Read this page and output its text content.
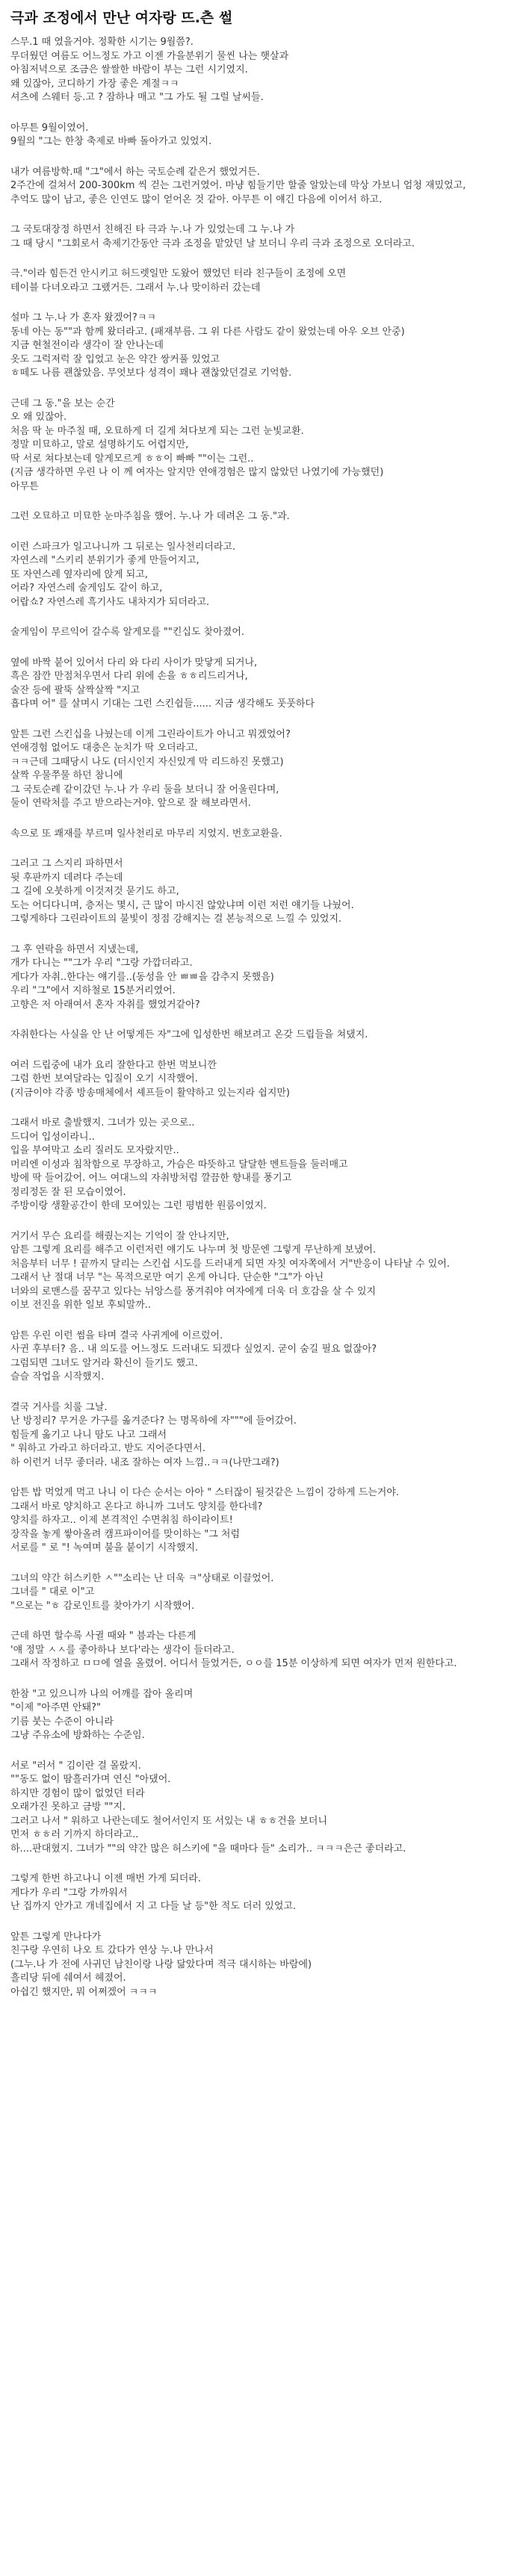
극과 조정에서 만난 여자랑 뜨.츤 썰
스무.1 때 였을거야. 정확한 시기는 9월쯤?.
무더웠던 여름도 어느정도 가고 이젠 가을분위기 물씬 나는 햇살과
아침저녁으로 조금은 쌀쌀한 바람이 부는 그런 시기였지.
왜 있잖아, 코디하기 가장 좋은 계절ㅋㅋ
셔츠에 스웨터 등.고 ? 잠하나 매고 "그 가도 될 그럴 날씨들.
아무튼 9월이였어.
9월의 "그는 한창 축제로 바빠 돌아가고 있었지.
내가 여름방학.때 "그"에서 하는 국토순례 같은거 했었거든.
2주간에 걸쳐서 200-300km 씩 걷는 그런거였어. 마냥 힘들기만 할줄 알았는데 막상 가보니 엄청 재밌었고,
추억도 많이 남고, 좋은 인연도 많이 얻어온 것 같아. 아무튼 이 얘긴 다음에 이어서 하고.
그 국토대장정 하면서 친해진 타 극과 누.나 가 있었는데 그 누.나 가
그 때 당시 "그회로서 축제기간동안 극과 조정을 맡았던 날 보더니 우리 극과 조정으로 오더라고.
극."이라 힘든건 안시키고 허드렛일만 도왔어 했었던 터라 친구들이 조정에 오면
테이블 다녀오라고 그랬거든. 그래서 누.나 맞이하러 갔는데
설마 그 누.나 가 혼자 왔겠어?ㅋㅋ
동네 아는 동""과 함께 왔더라고. (패재부름. 그 위 다른 사람도 같이 왔었는데 아우 오브 안중)
지금 현철전이라 생각이 잘 안나는데
옷도 그럭저럭 잘 입었고 눈은 약간 쌍커풀 있었고
ㅎ떼도 나름 괜찮았음. 무엇보다 성격이 꽤나 괜찮았던걸로 기억함.
근데 그 동."을 보는 순간
오 왜 있잖아.
처음 딱 눈 마주칠 때, 오묘하게 더 길게 쳐다보게 되는 그런 눈빛교환.
정말 미묘하고, 말로 설명하기도 어렵지만,
딱 서로 쳐다보는데 알게모르게 ㅎㅎ이 빠빠 ""이는 그런..
(지금 생각하면 우린 나 이 께 여자는 알지만 연애경험은 많지 않았던 나였기에 가능했던)
아무튼
그런 오묘하고 미묘한 눈마주침을 했어. 누.나 가 데려온 그 동."과.
이런 스파크가 일고나니까 그 뒤로는 일사천리더라고.
자연스레 "스키리 분위기가 좋게 만들어지고,
또 자연스레 옆자리에 앉게 되고,
어라? 자연스레 술게임도 같이 하고,
어랍쇼? 자연스레 흑기사도 내차지가 되더라고.
술게임이 무르익어 갈수록 알게모를 ""킨십도 찾아졌어.
옆에 바짝 붙어 있어서 다리 와 다리 사이가 맞닿게 되거나,
흑은 잠깐 만점처우면서 다리 위에 손을 ㅎㅎ리드리거나,
술잔 등에 팔뚝 살짝살짝 "지고
흡다며 어" 를 살며시 기대는 그런 스킨쉽들...... 지금 생각해도 풋풋하다
앞튼 그런 스킨십을 나눴는데 이게 그린라이트가 아니고 뭐겠었어?
연애경험 없어도 대충은 눈치가 딱 오더라고.
ㅋㅋ근데 그때당시 나도 (더시인지 자신있게 막 리드하진 못했고)
살짝 우물쭈물 하던 참니에
그 국토순례 같이갔던 누.나 가 우리 둘을 보더니 잘 어울린다며,
둘이 연락처를 주고 받으라는거야. 앞으로 잘 해보라면서.
속으로 또 쾌재를 부르며 일사천리로 마무리 지었지. 번호교환을.
그러고 그 스지리 파하면서
뒷 후판까지 데려다 주는데
그 길에 오붓하게 이것저것 묻기도 하고,
도는 어디다니며, 층저는 몇시, 근 많이 마시진 않았냐며 이런 저런 얘기들 나눴어.
그렇게하다 그린라이트의 불빛이 정점 강해지는 걸 본능적으로 느낄 수 있었지.
그 후 연락을 하면서 지냈는데,
개가 다니는 ""그가 우리 "그랑 가깝더라고.
게다가 자취..한다는 얘기를..(동성을 안 ㅃㅃ을 감추지 못했음)
우리 "그"에서 지하철로 15분거리였어.
고향은 저 아래여서 혼자 자취를 했었거같아?
자취한다는 사실을 안 난 어떻게든 자"그에 입성한번 해보려고 온갖 드립들을 쳐댔지.
여러 드립중에 내가 요리 잘한다고 한번 먹보니깐
그럼 한번 보여달라는 입질이 오기 시작했어.
(지금이야 각종 방송매체에서 셰프들이 활약하고 있는지라 쉽지만)
그래서 바로 출발했지. 그녀가 있는 곳으로..
드디어 입성이라니..
입을 부여막고 소리 질러도 모자랐지만..
머리엔 이성과 침착함으로 무장하고, 가슴은 따뜻하고 달달한 멘트들을 둘러매고
방에 딱 들어갔어. 어느 여대느의 자취방처럼 깔끔한 향내를 풍기고
정리정돈 잘 된 모습이였어.
주방이랑 생활공간이 한데 모여있는 그런 평범한 원룸이었지.
거기서 무슨 요리를 해줬는지는 기억이 잘 안나지만,
암튼 그렇게 요리를 해주고 이런저런 얘기도 나누며 첫 방문엔 그렇게 무난하게 보냈어.
처음부터 너무 ! 끝까지 달리는 스킨쉽 시도를 드러내게 되면 자칫 여자쪽에서 거"반응이 나타날 수 있어.
그래서 난 절대 너무 "는 목적으로만 여기 온게 아니다. 단순한 "그"가 아닌
너와의 로맨스를 꿈꾸고 있다는 뉘앙스를 풍겨줘야 여자에게 더욱 더 호감을 살 수 있지
이보 전진을 위한 일보 후퇴말까..
암튼 우린 이런 썸을 타며 결국 사귀게에 이르렀어.
사귄 후부터? 음.. 내 의도를 어느정도 드러내도 되겠다 싶었지. 굳이 숨길 필요 없잖아?
그럼되면 그녀도 알거라 확신이 들기도 했고.
슬슬 작업을 시작했지.
결국 거사를 치룰 그날.
난 방정리? 무거운 가구를 옮겨준다? 는 명목하에 자"""에 들어갔어.
힘들게 옮기고 나니 땀도 나고 그래서
" 워하고 가라고 하더라고. 받도 지어준다면서.
하 이런거 너무 좋더라. 내조 잘하는 여자 느낌..ㅋㅋ(나만그래?)
암튼 밥 먹었게 먹고 나니 이 다슨 순서는 아아 " 스터잖이 될것같은 느낌이 강하게 드는거야.
그래서 바로 양치하고 온다고 하니까 그녀도 양치를 한다네?
양치를 하자고.. 이제 본격적인 수면취침 하이라이트!
장작을 놓게 쌓아올려 캠프파이어를 맞이하는 "그 처럼
서로를 " 로 "! 녹여며 불을 붙이기 시작했지.
그녀의 약간 허스키한 ㅅ""소리는 난 더욱 ㅋ"상태로 이끌었어.
그녀를 " 대로 이"고
"으로는 "ㅎ 감로인트를 찾아가기 시작했어.
근데 하면 할수록 사귈 때와 " 븜과는 다른게
'얘 정말 ㅅㅅ를 좋아하나 보다'라는 생각이 들더라고.
그래서 작정하고 ㅁㅁ에 열을 올렸어. 어디서 들었거든, ㅇㅇ를 15분 이상하게 되면 여자가 먼저 원한다고.
한참 "고 있으니까 나의 어깨를 잡아 올리며
"이제 "아주면 안돼?"
기름 붓는 수준이 아니라
그냥 주유소에 방화하는 수준임.
서로 "러서 " 김이란 걸 몰랐지.
""동도 없이 땀흘러가며 연신 "아댔어.
하지만 경험이 많이 없었던 터라
오래가진 못하고 금방 ""지.
그러고 나서 " 워하고 나란는데도 철어서인지 또 서있는 내 ㅎㅎ건을 보더니
먼저 ㅎㅎ러 기까지 하더라고..
하....판대혔지. 그녀가 ""의 약간 많은 허스키에 "을 때마다 들" 소리가.. ㅋㅋㅋ은근 좋더라고.
그렇게 한번 하고나니 이젠 매번 가게 되더라.
게다가 우리 "그랑 가까워서
난 집까지 안가고 개네집에서 지 고 다들 날 등"한 적도 더러 있었고.
앞튼 그렇게 만나다가
친구랑 우연히 나오 트 갔다가 연상 누.나 만나서
(그누.나 가 전에 사귀던 남친이랑 나랑 닮았다며 적극 대시하는 바람에)
흘리당 뒤에 쉐여서 헤졌어.
아쉽긴 했지만, 뭐 어쩌겠어 ㅋㅋㅋ
